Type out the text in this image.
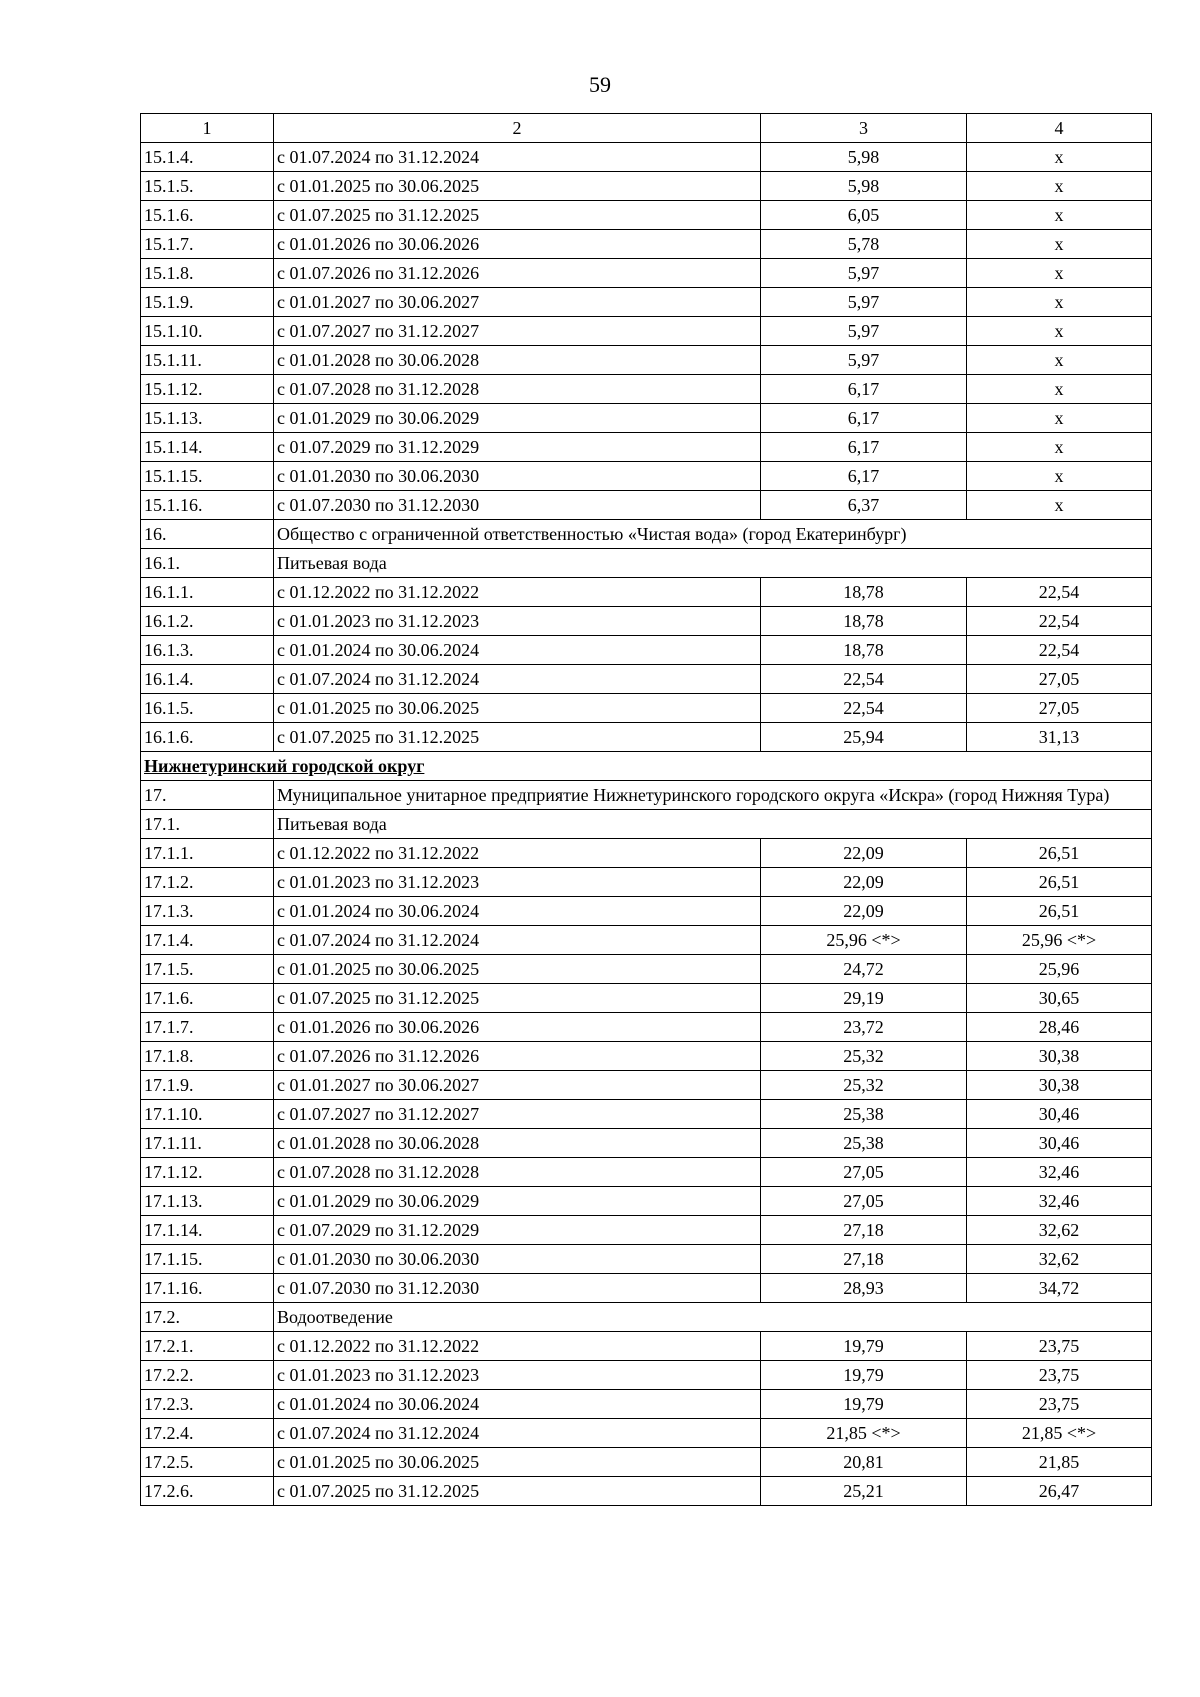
59
1	2	3	4
15.1.4.	с 01.07.2024 по 31.12.2024	5,98	х
15.1.5.	с 01.01.2025 по 30.06.2025	5,98	х
15.1.6.	с 01.07.2025 по 31.12.2025	6,05	х
15.1.7.	с 01.01.2026 по 30.06.2026	5,78	х
15.1.8.	с 01.07.2026 по 31.12.2026	5,97	х
15.1.9.	с 01.01.2027 по 30.06.2027	5,97	х
15.1.10.	с 01.07.2027 по 31.12.2027	5,97	х
15.1.11.	с 01.01.2028 по 30.06.2028	5,97	х
15.1.12.	с 01.07.2028 по 31.12.2028	6,17	х
15.1.13.	с 01.01.2029 по 30.06.2029	6,17	х
15.1.14.	с 01.07.2029 по 31.12.2029	6,17	х
15.1.15.	с 01.01.2030 по 30.06.2030	6,17	х
15.1.16.	с 01.07.2030 по 31.12.2030	6,37	х
16.	Общество с ограниченной ответственностью «Чистая вода» (город Екатеринбург)		
16.1.	Питьевая вода		
16.1.1.	с 01.12.2022 по 31.12.2022	18,78	22,54
16.1.2.	с 01.01.2023 по 31.12.2023	18,78	22,54
16.1.3.	с 01.01.2024 по 30.06.2024	18,78	22,54
16.1.4.	с 01.07.2024 по 31.12.2024	22,54	27,05
16.1.5.	с 01.01.2025 по 30.06.2025	22,54	27,05
16.1.6.	с 01.07.2025 по 31.12.2025	25,94	31,13
Нижнетуринский городской округ			
17.	Муниципальное унитарное предприятие Нижнетуринского городского округа «Искра» (город Нижняя Тура)		
17.1.	Питьевая вода		
17.1.1.	с 01.12.2022 по 31.12.2022	22,09	26,51
17.1.2.	с 01.01.2023 по 31.12.2023	22,09	26,51
17.1.3.	с 01.01.2024 по 30.06.2024	22,09	26,51
17.1.4.	с 01.07.2024 по 31.12.2024	25,96 <*>	25,96 <*>
17.1.5.	с 01.01.2025 по 30.06.2025	24,72	25,96
17.1.6.	с 01.07.2025 по 31.12.2025	29,19	30,65
17.1.7.	с 01.01.2026 по 30.06.2026	23,72	28,46
17.1.8.	с 01.07.2026 по 31.12.2026	25,32	30,38
17.1.9.	с 01.01.2027 по 30.06.2027	25,32	30,38
17.1.10.	с 01.07.2027 по 31.12.2027	25,38	30,46
17.1.11.	с 01.01.2028 по 30.06.2028	25,38	30,46
17.1.12.	с 01.07.2028 по 31.12.2028	27,05	32,46
17.1.13.	с 01.01.2029 по 30.06.2029	27,05	32,46
17.1.14.	с 01.07.2029 по 31.12.2029	27,18	32,62
17.1.15.	с 01.01.2030 по 30.06.2030	27,18	32,62
17.1.16.	с 01.07.2030 по 31.12.2030	28,93	34,72
17.2.	Водоотведение		
17.2.1.	с 01.12.2022 по 31.12.2022	19,79	23,75
17.2.2.	с 01.01.2023 по 31.12.2023	19,79	23,75
17.2.3.	с 01.01.2024 по 30.06.2024	19,79	23,75
17.2.4.	с 01.07.2024 по 31.12.2024	21,85 <*>	21,85 <*>
17.2.5.	с 01.01.2025 по 30.06.2025	20,81	21,85
17.2.6.	с 01.07.2025 по 31.12.2025	25,21	26,47
